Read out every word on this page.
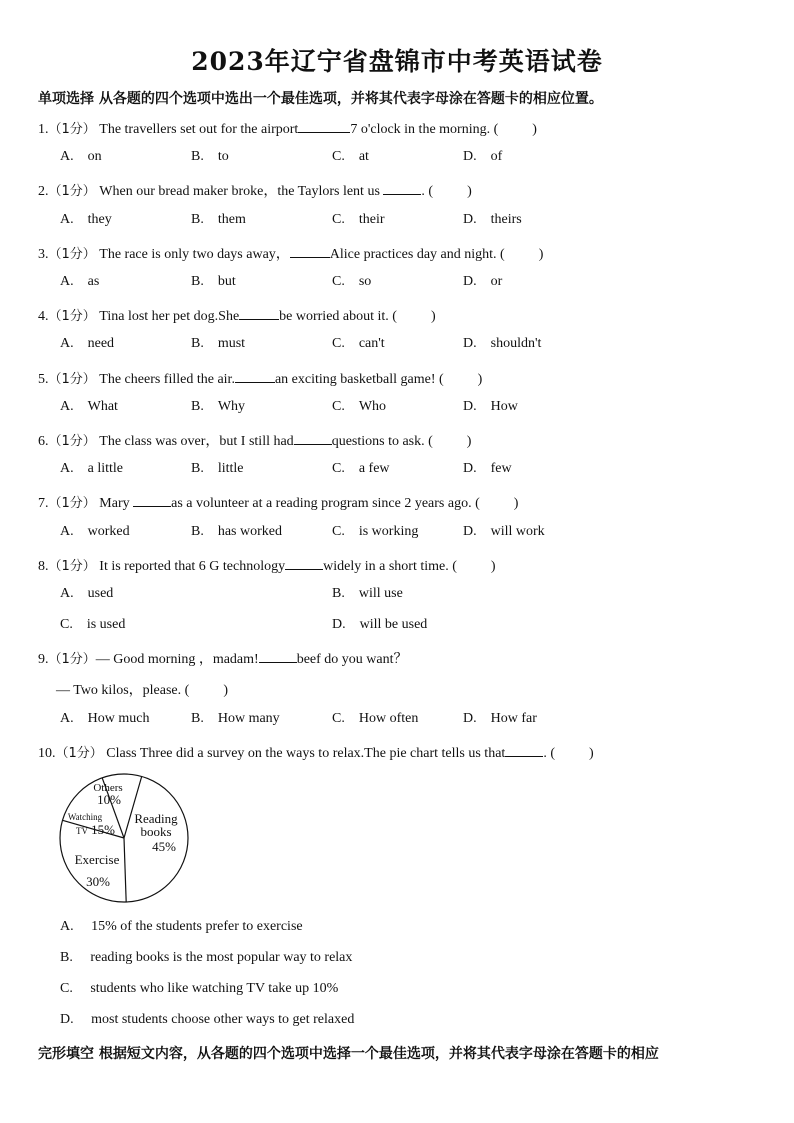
2023年辽宁省盘锦市中考英语试卷
单项选择 从各题的四个选项中选出一个最佳选项，并将其代表字母涂在答题卡的相应位置。
1.（1分） The travellers set out for the airport	7 o'clock in the morning. ( )
A. on	B. to	C. at	D. of
2.（1分） When our bread maker broke，the Taylors lent us	. ( )
A. they	B. them	C. their	D. theirs
3.（1分） The race is only two days away，	Alice practices day and night. ( )
A. as	B. but	C. so	D. or
4.（1分） Tina lost her pet dog.She	be worried about it. ( )
A. need	B. must	C. can't	D. shouldn't
5.（1分） The cheers filled the air.	an exciting basketball game! ( )
A. What	B. Why	C. Who	D. How
6.（1分） The class was over，but I still had	questions to ask. ( )
A. a little	B. little	C. a few	D. few
7.（1分） Mary	as a volunteer at a reading program since 2 years ago. ( )
A. worked	B. has worked	C. is working	D. will work
8.（1分） It is reported that 6 G technology	widely in a short time. ( )
A. used	B. will use
C. is used	D. will be used
9.（1分）— Good morning ，madam!	beef do you want？
— Two kilos，please. ( )
A. How much	B. How many	C. How often	D. How far
10.（1分） Class Three did a survey on the ways to relax.The pie chart tells us that	. ( )
Others
10%
Reading
books
45%
Watching
TV 15%
Exercise
30%
A. 15% of the students prefer to exercise
B. reading books is the most popular way to relax
C. students who like watching TV take up 10%
D. most students choose other ways to get relaxed
完形填空 根据短文内容，从各题的四个选项中选择一个最佳选项，并将其代表字母涂在答题卡的相应
